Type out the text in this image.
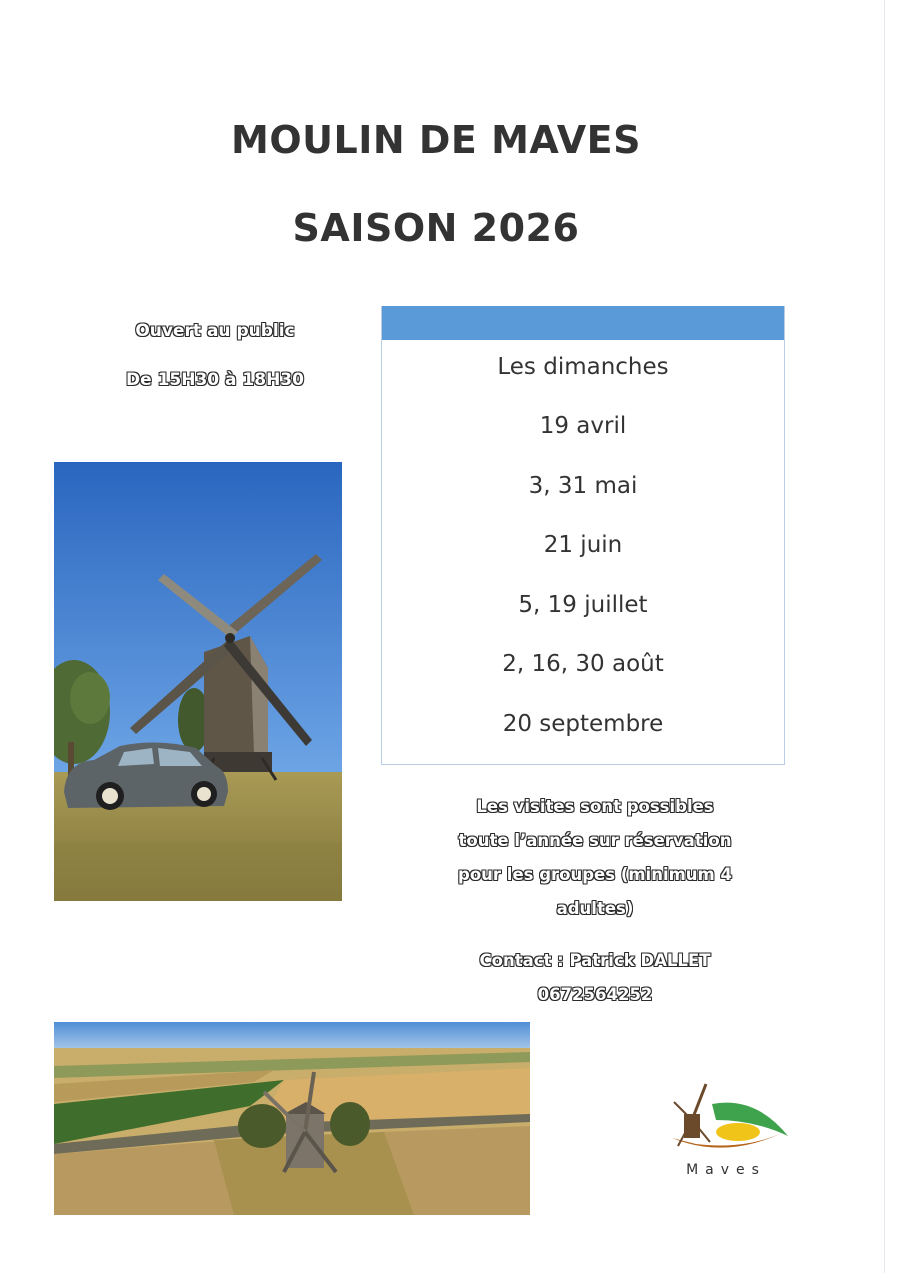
MOULIN DE MAVES
SAISON 2026
Ouvert au public
De 15H30 à 18H30	Les dimanches
19 avril
3, 31 mai
21 juin
5, 19 juillet
2, 16, 30 août
20 septembre
Les visites sont possibles
toute l’année sur réservation
pour les groupes (minimum 4
adultes)
Contact : Patrick DALLET
0672564252
Maves
